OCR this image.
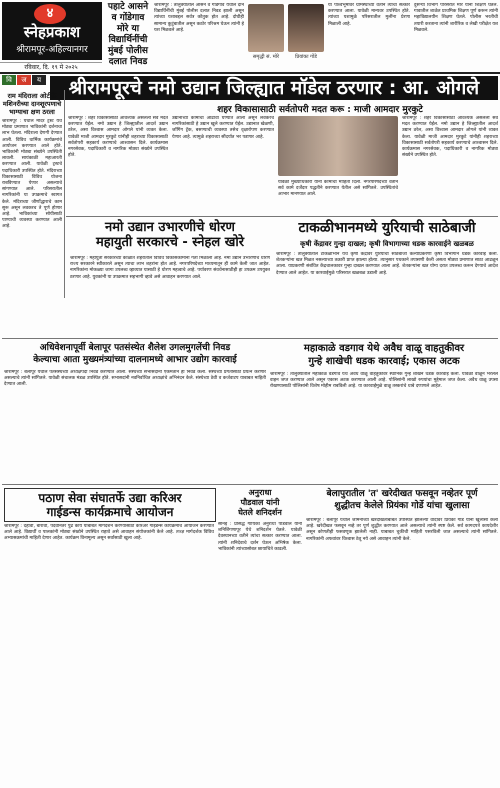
४
स्नेहप्रकाश
श्रीरामपूर-अहिल्यानगर
रविवार, दि. १९ मे २०२५
पहाटे आसने
व गोंडेगाव
मोरे या
विद्यार्थिनींची
मुंबई पोलीस
दलात निवड
श्रीरामपूर : तालुक्यातील आसने व गोंडेगाव येथील दोन विद्यार्थिनींची मुंबई पोलीस दलात निवड झाली असून त्यांच्या यशाबद्दल सर्वत्र कौतुक होत आहे. दोघीही सामान्य कुटुंबातील असून कठोर परिश्रम घेऊन त्यांनी हे यश मिळवले आहे.
समृद्धी सं. मोरे	प्रियांका गोंडे
या पार्श्वभूमीवर ग्रामस्थांच्या वतीने त्यांचा सत्कार करण्यात आला. यावेळी मान्यवर उपस्थित होते. त्यांच्या यशामुळे परिसरातील मुलींना प्रेरणा मिळाली आहे.
दुसऱ्या विभाग परिसरात मोरे यांनी शिक्षण घेतले. गावातील शाळेत प्राथमिक शिक्षण पूर्ण करून त्यांनी महाविद्यालयीन शिक्षण घेतले. पोलीस भरतीची तयारी करताना त्यांनी शारीरिक व लेखी परीक्षेत यश मिळवले.
वि	ज	य	श्रीरामपूरचे नमो उद्यान जिल्ह्यात मॉडेल ठरणार : आ. ओगले
शहर विकासासाठी सर्वतोपरी मदत करू : माजी आमदार मुरकुटे
राम मंदिराला ओटीके मशिनरीच्या दानशूरपणाचे भाग्याचा क्षण ठरला
श्रीरामपूर : येथील मंदिर ट्रस्ट येथे मोठ्या प्रमाणात भाविकांनी दर्शनाचा लाभ घेतला. मंदिराला देणगी देण्यात आली. विविध धार्मिक कार्यक्रमांचे आयोजन करण्यात आले होते. भाविकांनी मोठ्या संख्येने उपस्थिती लावली. सायंकाळी महाआरती करण्यात आली. यावेळी ट्रस्टचे पदाधिकारी उपस्थित होते. मंदिराच्या विकासासाठी विविध योजना राबविण्यात येणार असल्याचे सांगण्यात आले. परिसरातील नागरिकांनी या उपक्रमाचे स्वागत केले. मंदिराच्या जीर्णोद्धाराचे काम सुरू असून लवकरच ते पूर्ण होणार आहे. भाविकांच्या सोयीसाठी पाण्याची व्यवस्था करण्यात आली आहे.
श्रीरामपूर : शहर विकासासाठी आवश्यक असलेली सर्व मदत करण्यात येईल. नमो उद्यान हे जिल्ह्यातील आदर्श उद्यान ठरेल, असा विश्वास आमदार ओगले यांनी व्यक्त केला. यावेळी माजी आमदार मुरकुटे यांनीही शहराच्या विकासासाठी सर्वतोपरी सहकार्य करण्याचे आश्वासन दिले. कार्यक्रमास नगरसेवक, पदाधिकारी व नागरिक मोठ्या संख्येने उपस्थित होते.
उद्यानाच्या कामाचा आढावा घेण्यात आला असून लवकरच नागरिकांसाठी हे उद्यान खुले करण्यात येईल. उद्यानात खेळणी, जॉगिंग ट्रॅक, बसण्याची व्यवस्था तसेच वृक्षारोपण करण्यात येणार आहे. त्यामुळे शहराच्या सौंदर्यात भर पडणार आहे.
यावेळी मुख्याधिकारी यांनी कामाची माहिती दिली. नगरपरिषदेच्या वतीने सर्व कामे दर्जेदार पद्धतीने करण्यात येतील असे सांगितले. उपस्थितांचे आभार मानण्यात आले.
श्रीरामपूर : शहर विकासासाठी आवश्यक असलेली सर्व मदत करण्यात येईल. नमो उद्यान हे जिल्ह्यातील आदर्श उद्यान ठरेल, असा विश्वास आमदार ओगले यांनी व्यक्त केला. यावेळी माजी आमदार मुरकुटे यांनीही शहराच्या विकासासाठी सर्वतोपरी सहकार्य करण्याचे आश्वासन दिले. कार्यक्रमास नगरसेवक, पदाधिकारी व नागरिक मोठ्या संख्येने उपस्थित होते.
नमो उद्यान उभारणीचे धोरण
महायुती सरकारचे - स्नेहल खोरे
श्रीरामपूर : महायुती सरकारच्या काळात शहरातील विविध विकासकामांना गती मिळाली आहे. नमो उद्यान उभारणीचे धोरण राज्य सरकारने स्वीकारले असून त्याचा लाभ शहरांना होत आहे. नगरपरिषदेच्या माध्यमातून ही कामे केली जात आहेत. नागरिकांना मोकळ्या जागा उपलब्ध व्हाव्यात यासाठी हे धोरण महत्वाचे आहे. पर्यावरण संवर्धनासाठीही हा उपक्रम उपयुक्त ठरणार आहे. युवकांनी या उपक्रमात सहभागी व्हावे असे आवाहन करण्यात आले.
टाकळीभानमध्ये युरियाची साठेबाजी
कृषी केंद्रावर गुन्हा दाखल; कृषी विभागाच्या धडक कारवाईने खळबळ
श्रीरामपूर : तालुक्यातील टाकळीभान येथे कृषी केंद्रावर युरियाची साठेबाजी केल्याप्रकरणी कृषी विभागाने धडक कारवाई केली. शेतकऱ्यांना खत मिळत नसल्याच्या तक्रारी प्राप्त झाल्या होत्या. त्यानुसार पथकाने तपासणी केली असता मोठ्या प्रमाणात साठा आढळून आला. याप्रकरणी संबंधित केंद्रचालकावर गुन्हा दाखल करण्यात आला आहे. शेतकऱ्यांना खत योग्य दरात उपलब्ध करून देण्याचे आदेश देण्यात आले आहेत. या कारवाईमुळे परिसरात खळबळ उडाली आहे.
अधिवेशनापूर्वी बेलापूर पतसंस्थेत शैलेश उगलमुगलेंची निवड
केल्याचा आता मुख्यमंत्र्यांच्या दालनामध्ये आभार उद्योग कारवाई
श्रीरामपूर : बेलापूर येथील पतसंस्थेच्या अध्यक्षपदी निवड करण्यात आली. संस्थेच्या सभासदांनी एकमताने ही निवड केली. संस्थेच्या प्रगतीसाठी प्रयत्न करणार असल्याचे त्यांनी सांगितले. यावेळी संचालक मंडळ उपस्थित होते. सभासदांनी नवनिर्वाचित अध्यक्षांचे अभिनंदन केले. संस्थेच्या ठेवी व कर्जवाटप याबाबत माहिती देण्यात आली.
महाकाळे वडगाव येथे अवैध वाळू वाहतुकीवर
गुन्हे शाखेची धडक कारवाई; एकास अटक
श्रीरामपूर : तालुक्यातील महाकाळे वडगाव येथे अवैध वाळू वाहतुकीवर स्थानिक गुन्हे शाखेने धडक कारवाई केली. यावेळी वाळूने भरलेले वाहन जप्त करण्यात आले असून एकास अटक करण्यात आली आहे. पोलिसांनी लाखो रुपयांचा मुद्देमाल जप्त केला. अवैध वाळू उपसा रोखण्यासाठी पोलिसांनी विशेष मोहीम राबविली आहे. या कारवाईमुळे वाळू तस्करांचे धाबे दणाणले आहेत.
पठाण सेवा संघातर्फे उद्या करिअर
गाईडन्स कार्यक्रमाचे आयोजन
श्रीरामपूर : दहावी, बारावी, पदवीनंतर पुढे काय याबाबत मार्गदर्शन करण्यासाठी करिअर गाईडन्स कार्यक्रमाचे आयोजन करण्यात आले आहे. विद्यार्थी व पालकांनी मोठ्या संख्येने उपस्थित राहावे असे आवाहन संयोजकांनी केले आहे. तज्ज्ञ मार्गदर्शक विविध अभ्यासक्रमांची माहिती देणार आहेत. कार्यक्रम विनामूल्य असून सर्वांसाठी खुला आहे.
अनुराधा
पौडवाल यांनी
घेतले शनिदर्शन
सोनई : प्रसिद्ध गायिका अनुराधा पौडवाल यांनी शनिशिंगणापूर येथे शनिदर्शन घेतले. यावेळी देवस्थानच्या वतीने त्यांचा सत्कार करण्यात आला. त्यांनी शनिदेवाचे दर्शन घेऊन अभिषेक केला. भाविकांनी त्यांच्यासोबत छायाचित्रे काढली.
बेलापुरातील 'त' खरेदीखत फसवून नव्हेतर पूर्ण
शुद्धीतच केलेले प्रियंका गोर्डे यांचा खुलासा
श्रीरामपूर : बेलापूर येथील जमिनीच्या खरेदीखताबाबत उपस्थित झालेल्या वादावर प्रियंका गोर्डे यांनी खुलासा केला आहे. खरेदीखत फसवून नव्हे तर पूर्ण शुद्धीत करण्यात आले असल्याचे त्यांनी स्पष्ट केले. सर्व कागदपत्रे कायदेशीर असून कोणतीही फसवणूक झालेली नाही. याबाबत चुकीची माहिती पसरविली जात असल्याचे त्यांनी सांगितले. नागरिकांनी अफवांवर विश्वास ठेवू नये असे आवाहन त्यांनी केले.
